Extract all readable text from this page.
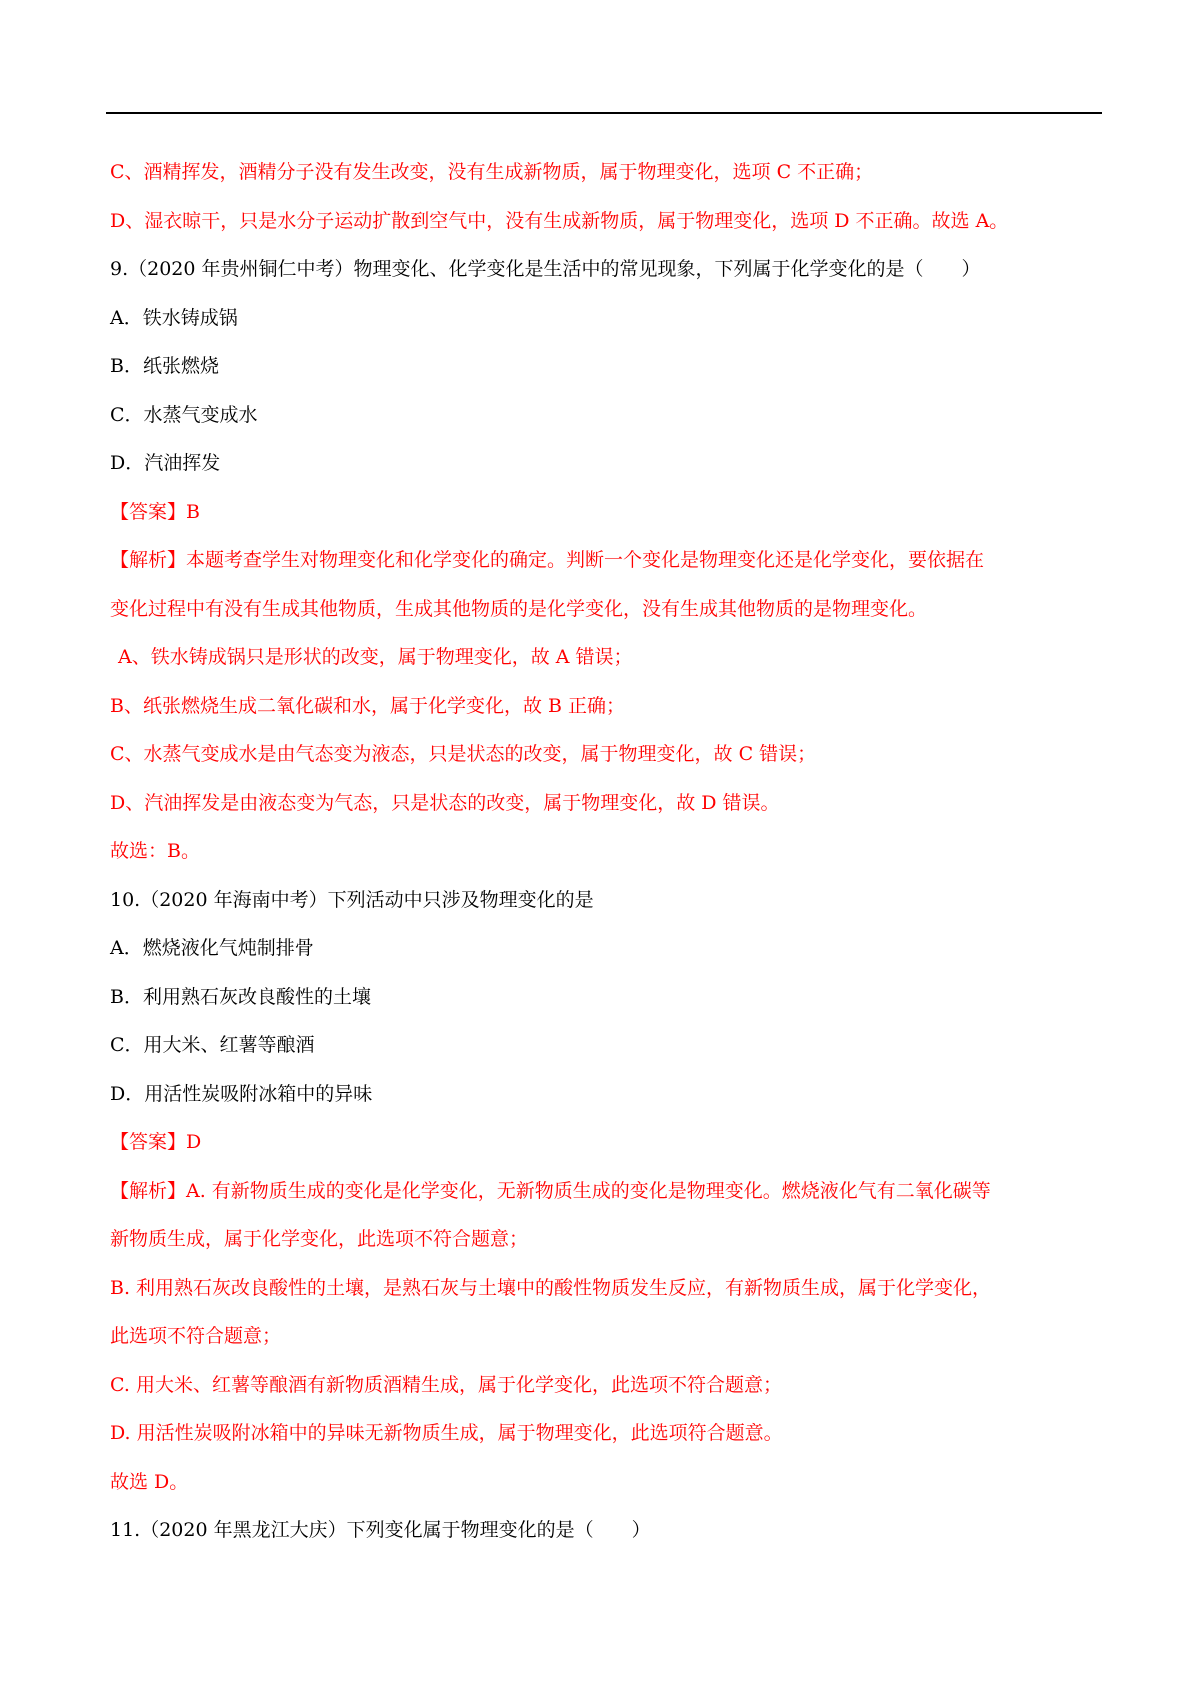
C、酒精挥发，酒精分子没有发生改变，没有生成新物质，属于物理变化，选项 C 不正确；
D、湿衣晾干，只是水分子运动扩散到空气中，没有生成新物质，属于物理变化，选项 D 不正确。故选 A。
9.（2020 年贵州铜仁中考）物理变化、化学变化是生活中的常见现象，下列属于化学变化的是（　　）
A．铁水铸成锅
B．纸张燃烧
C．水蒸气变成水
D．汽油挥发
【答案】B
【解析】本题考查学生对物理变化和化学变化的确定。判断一个变化是物理变化还是化学变化，要依据在
变化过程中有没有生成其他物质，生成其他物质的是化学变化，没有生成其他物质的是物理变化。
A、铁水铸成锅只是形状的改变，属于物理变化，故 A 错误；
B、纸张燃烧生成二氧化碳和水，属于化学变化，故 B 正确；
C、水蒸气变成水是由气态变为液态，只是状态的改变，属于物理变化，故 C 错误；
D、汽油挥发是由液态变为气态，只是状态的改变，属于物理变化，故 D 错误。
故选：B。
10.（2020 年海南中考）下列活动中只涉及物理变化的是
A．燃烧液化气炖制排骨
B．利用熟石灰改良酸性的土壤
C．用大米、红薯等酿酒
D．用活性炭吸附冰箱中的异味
【答案】D
【解析】A. 有新物质生成的变化是化学变化，无新物质生成的变化是物理变化。燃烧液化气有二氧化碳等
新物质生成，属于化学变化，此选项不符合题意；
B. 利用熟石灰改良酸性的土壤，是熟石灰与土壤中的酸性物质发生反应，有新物质生成，属于化学变化，
此选项不符合题意；
C. 用大米、红薯等酿酒有新物质酒精生成，属于化学变化，此选项不符合题意；
D. 用活性炭吸附冰箱中的异味无新物质生成，属于物理变化，此选项符合题意。
故选 D。
11.（2020 年黑龙江大庆）下列变化属于物理变化的是（　　）
